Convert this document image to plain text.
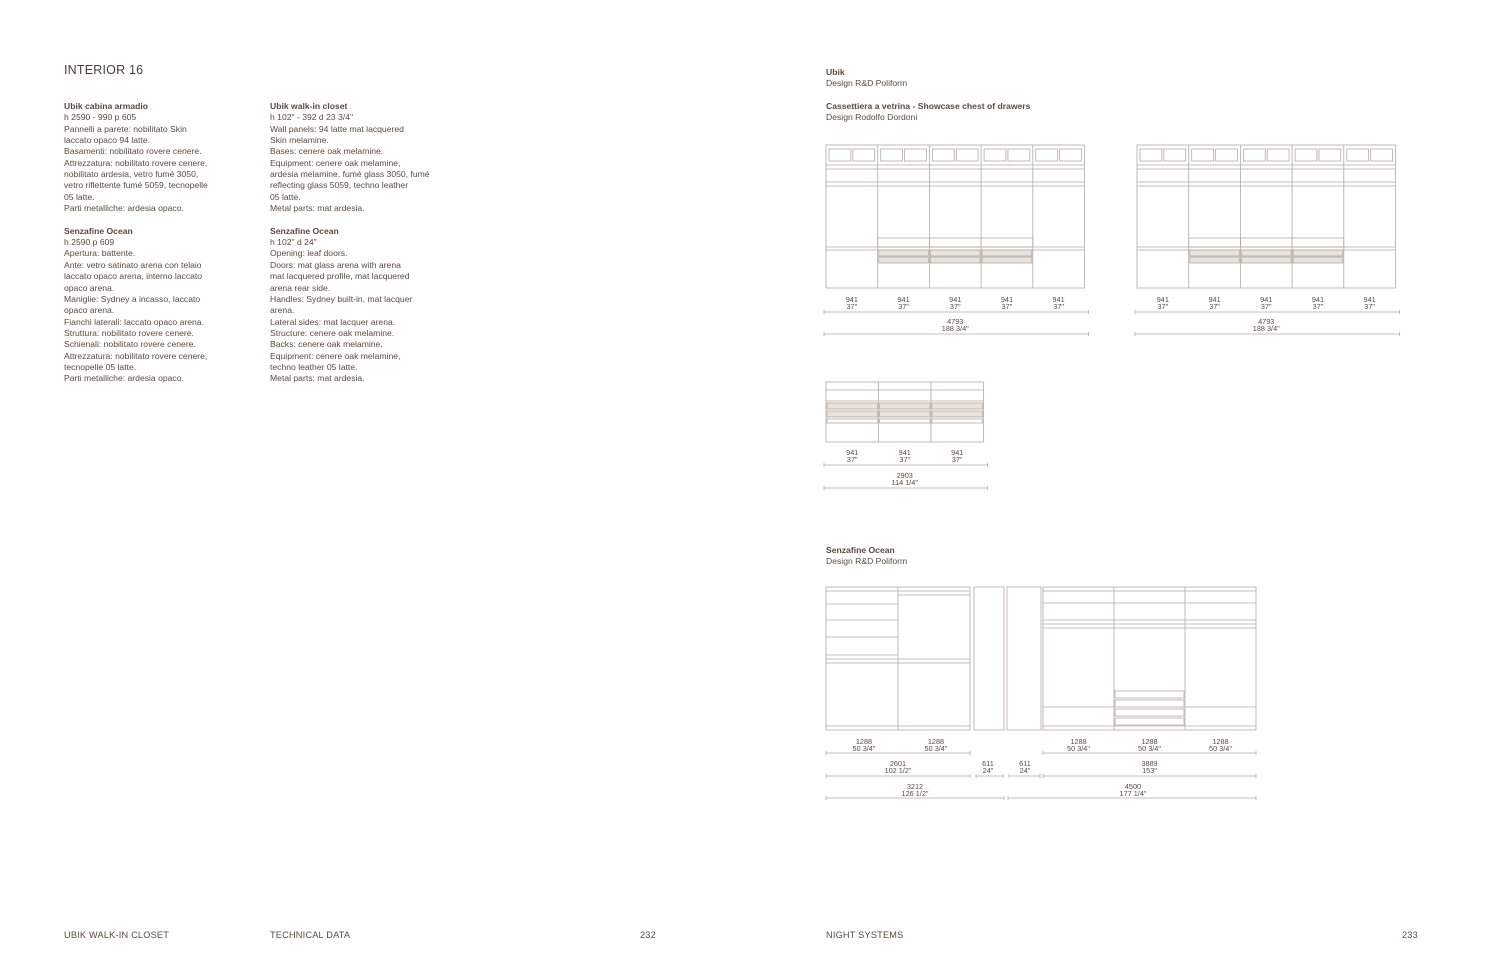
INTERIOR 16
Ubik cabina armadio
h 2590 - 990 p 605
Pannelli a parete: nobilitato Skin
laccato opaco 94 latte.
Basamenti: nobilitato rovere cenere.
Attrezzatura: nobilitato rovere cenere,
nobilitato ardesia, vetro fumé 3050,
vetro riflettente fumé 5059, tecnopelle
05 latte.
Parti metalliche: ardesia opaco.
Senzafine Ocean
h 2590 p 609
Apertura: battente.
Ante: vetro satinato arena con telaio
laccato opaco arena, interno laccato
opaco arena.
Maniglie: Sydney a incasso, laccato
opaco arena.
Fianchi laterali: laccato opaco arena.
Struttura: nobilitato rovere cenere.
Schienali: nobilitato rovere cenere.
Attrezzatura: nobilitato rovere cenere,
tecnopelle 05 latte.
Parti metalliche: ardesia opaco.
Ubik walk-in closet
h 102" - 392 d 23 3/4"
Wall panels: 94 latte mat lacquered
Skin melamine.
Bases: cenere oak melamine.
Equipment: cenere oak melamine,
ardesia melamine, fumé glass 3050, fumé
reflecting glass 5059, techno leather
05 latte.
Metal parts: mat ardesia.
Senzafine Ocean
h 102" d 24"
Opening: leaf doors.
Doors: mat glass arena with arena
mat lacquered profile, mat lacquered
arena rear side.
Handles: Sydney built-in, mat lacquer
arena.
Lateral sides: mat lacquer arena.
Structure: cenere oak melamine.
Backs: cenere oak melamine.
Equipment: cenere oak melamine,
techno leather 05 latte.
Metal parts: mat ardesia.
Ubik
Design R&D Poliform
Cassettiera a vetrina - Showcase chest of drawers
Design Rodolfo Dordoni
Senzafine Ocean
Design R&D Poliform
941
37"
941
37"
941
37"
941
37"
941
37"
4793
188 3/4"
941
37"
941
37"
941
37"
941
37"
941
37"
4793
188 3/4"
941
37"
941
37"
941
37"
2903
114 1/4"
1288
50 3/4"
1288
50 3/4"
2601
102 1/2"
611
24"
3212
126 1/2"
611
24"
1288
50 3/4"
1288
50 3/4"
1288
50 3/4"
3889
153"
4500
177 1/4"
UBIK WALK-IN CLOSET	TECHNICAL DATA	232	NIGHT SYSTEMS	233
